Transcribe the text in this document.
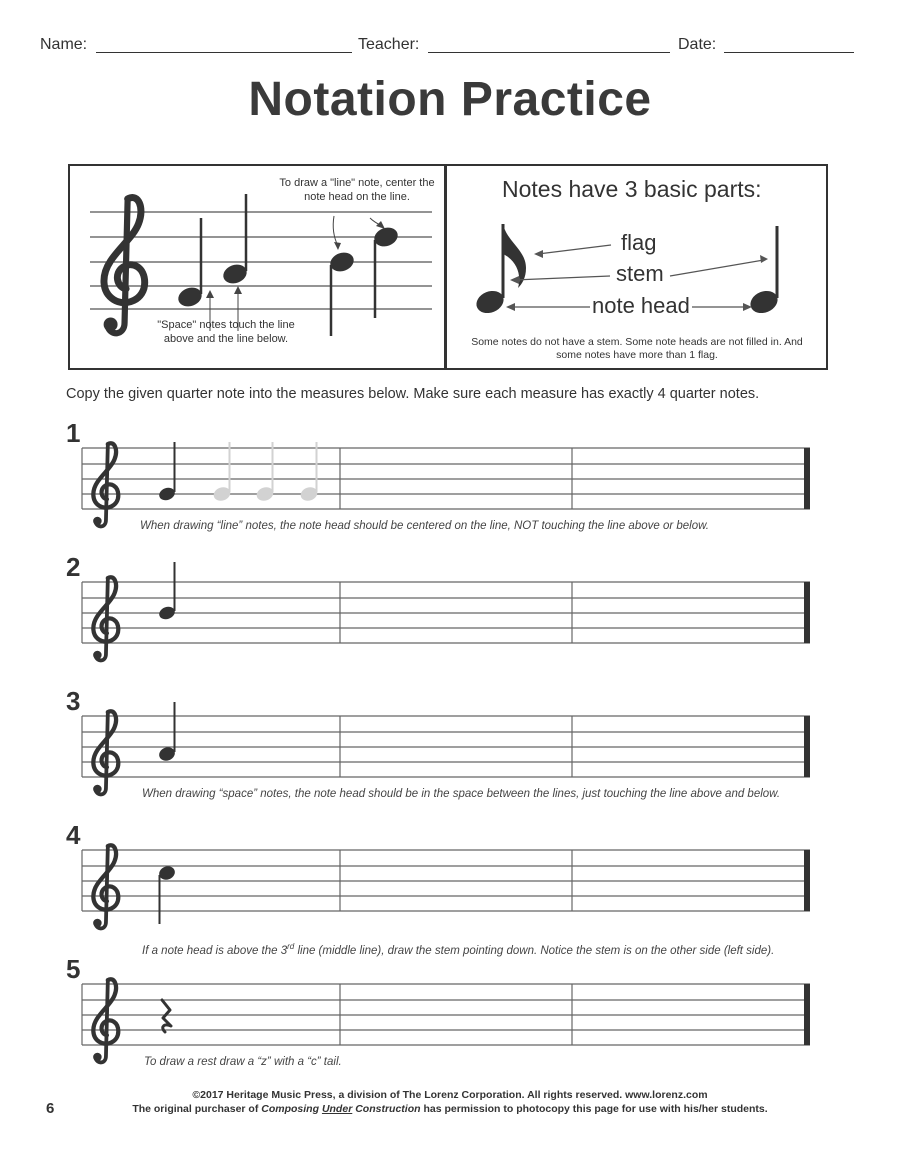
Name:	Teacher:	Date:
Notation Practice
To draw a "line" note, center the note head on the line.
"Space" notes touch the line above and the line below.
Notes have 3 basic parts:
flag
stem
note head
Some notes do not have a stem. Some note heads are not filled in. And some notes have more than 1 flag.
Copy the given quarter note into the measures below. Make sure each measure has exactly 4 quarter notes.
1
When drawing “line” notes, the note head should be centered on the line, NOT touching the line above or below.
2
3
When drawing “space” notes, the note head should be in the space between the lines, just touching the line above and below.
4
If a note head is above the 3rd line (middle line), draw the stem pointing down. Notice the stem is on the other side (left side).
5
To draw a rest draw a “z” with a “c” tail.
6
©2017 Heritage Music Press, a division of The Lorenz Corporation. All rights reserved. www.lorenz.com
The original purchaser of Composing Under Construction has permission to photocopy this page for use with his/her students.
